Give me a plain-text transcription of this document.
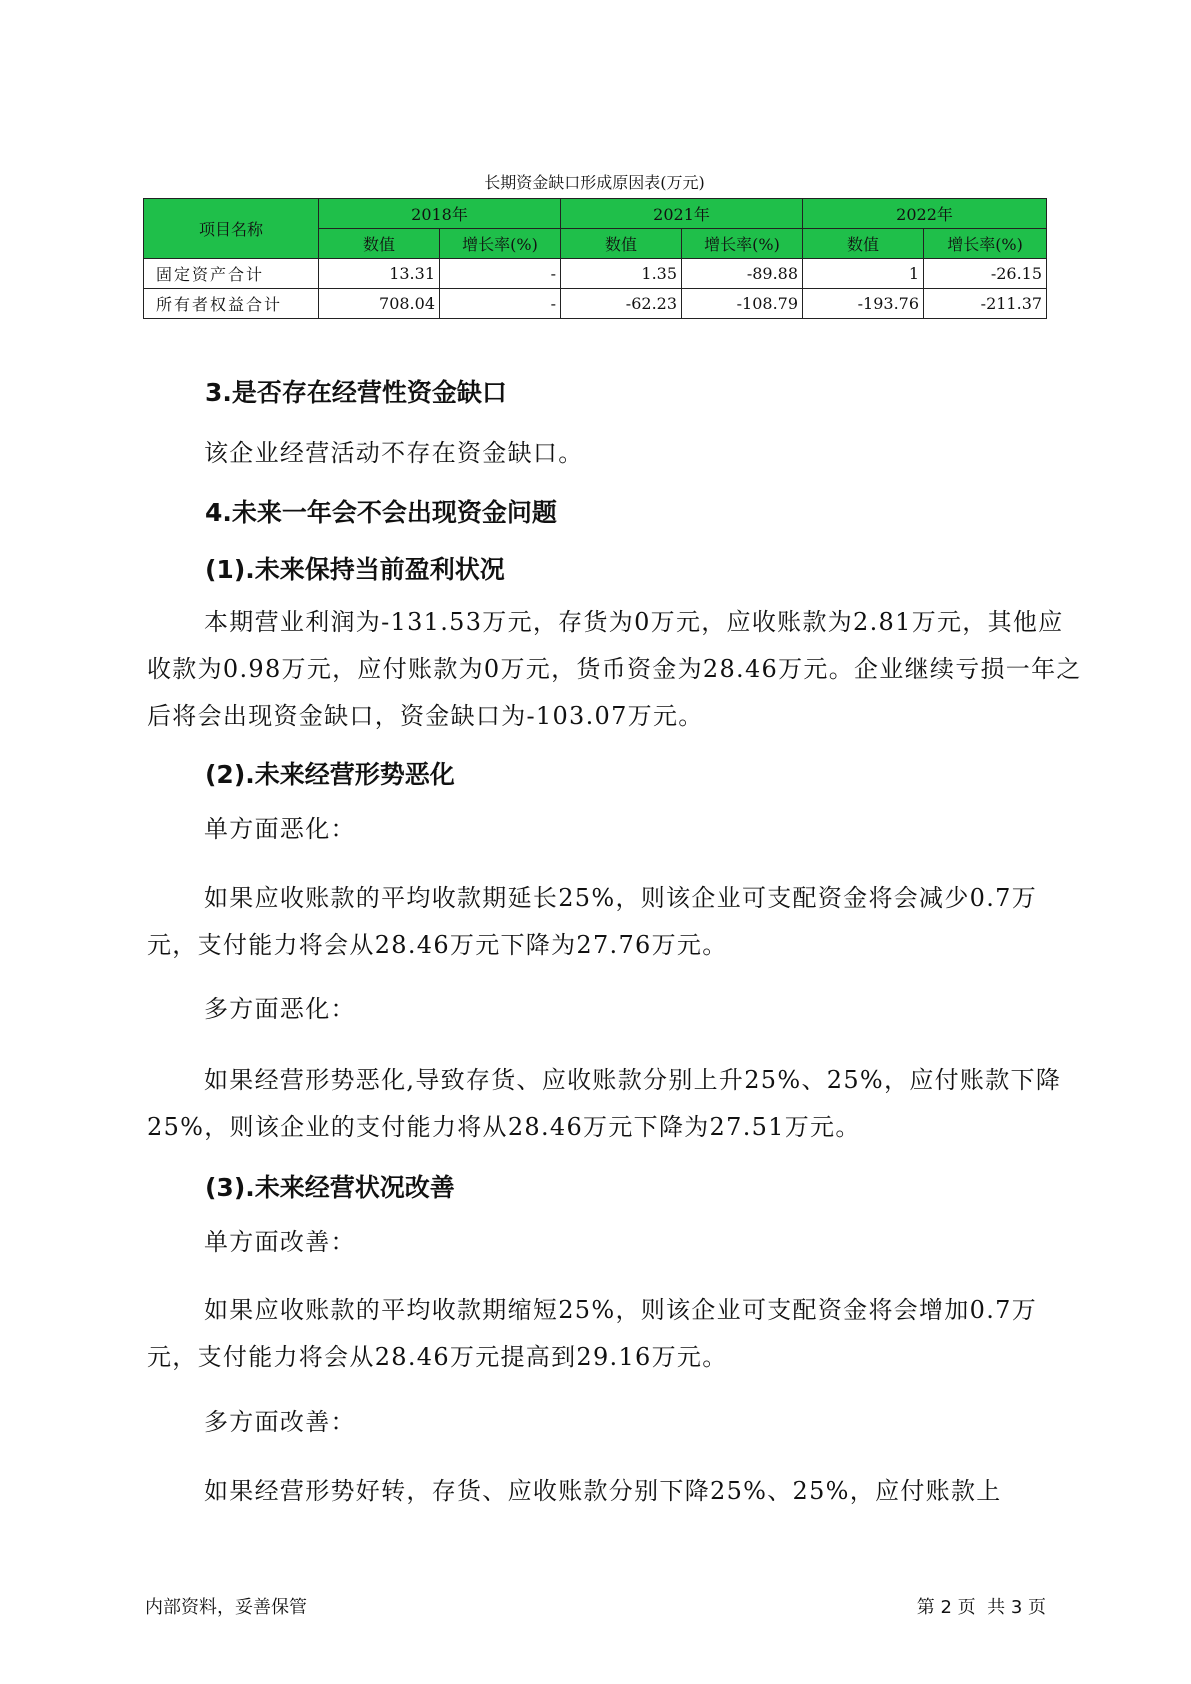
长期资金缺口形成原因表(万元)
项目名称	2018年		2021年		2022年	
	数值	增长率(%)	数值	增长率(%)	数值	增长率(%)
固定资产合计	13.31	-	1.35	-89.88	1	-26.15
所有者权益合计	708.04	-	-62.23	-108.79	-193.76	-211.37
3.是否存在经营性资金缺口
该企业经营活动不存在资金缺口。
4.未来一年会不会出现资金问题
(1).未来保持当前盈利状况
本期营业利润为-131.53万元，存货为0万元，应收账款为2.81万元，其他应收款为0.98万元，应付账款为0万元，货币资金为28.46万元。企业继续亏损一年之后将会出现资金缺口，资金缺口为-103.07万元。
(2).未来经营形势恶化
单方面恶化：
如果应收账款的平均收款期延长25%，则该企业可支配资金将会减少0.7万元，支付能力将会从28.46万元下降为27.76万元。
多方面恶化：
如果经营形势恶化,导致存货、应收账款分别上升25%、25%，应付账款下降25%，则该企业的支付能力将从28.46万元下降为27.51万元。
(3).未来经营状况改善
单方面改善：
如果应收账款的平均收款期缩短25%，则该企业可支配资金将会增加0.7万元，支付能力将会从28.46万元提高到29.16万元。
多方面改善：
如果经营形势好转，存货、应收账款分别下降25%、25%，应付账款上
内部资料，妥善保管	第 2 页  共 3 页
